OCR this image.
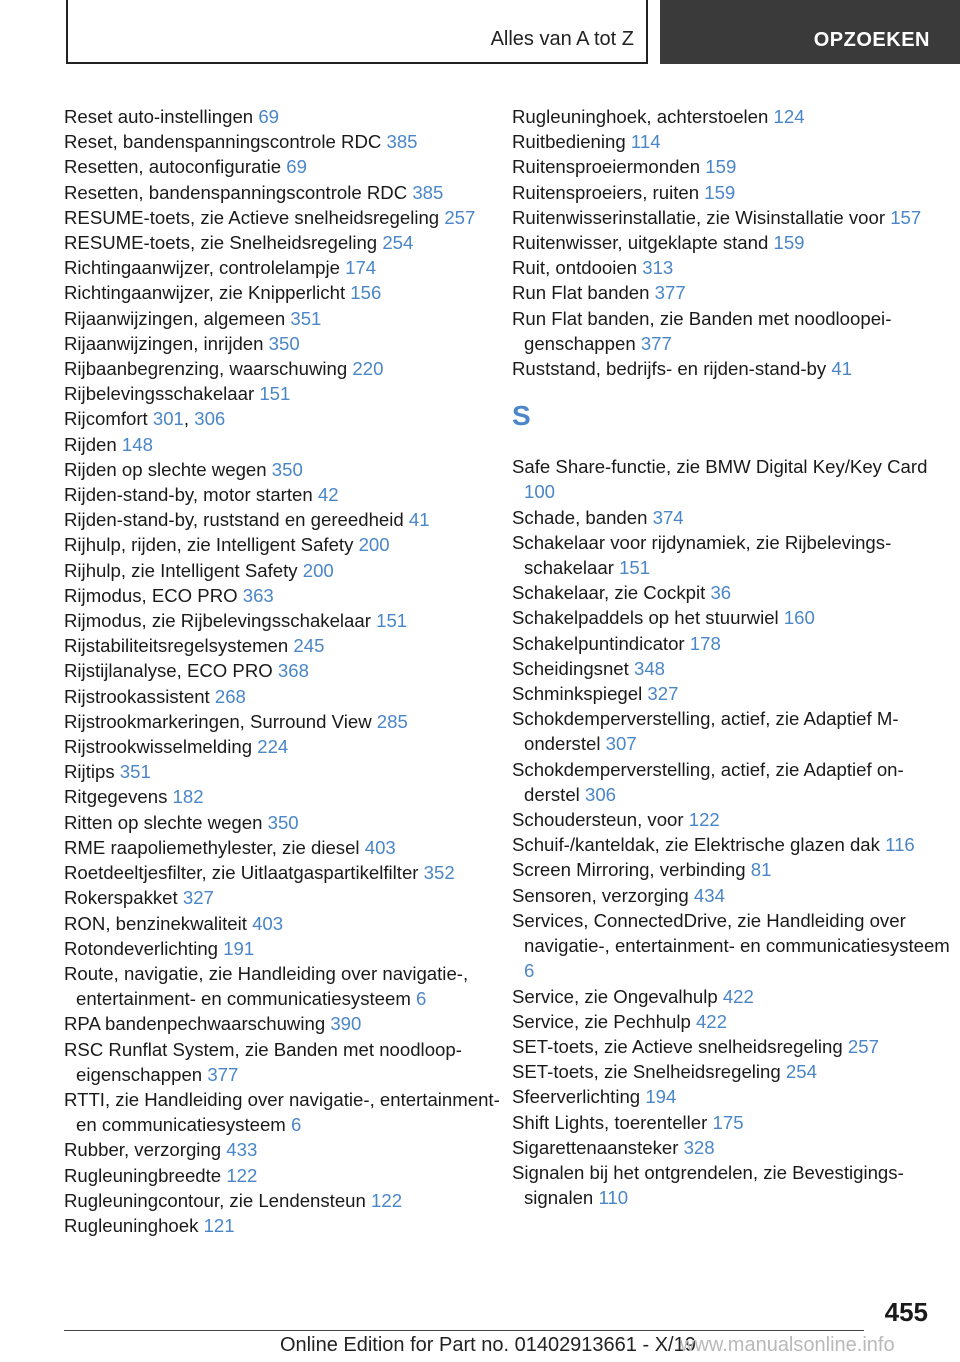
Alles van A tot Z	OPZOEKEN
Reset auto-instellingen 69
Reset, bandenspanningscontrole RDC 385
Resetten, autoconfiguratie 69
Resetten, bandenspanningscontrole RDC 385
RESUME-toets, zie Actieve snelheidsregeling 257
RESUME-toets, zie Snelheidsregeling 254
Richtingaanwijzer, controlelampje 174
Richtingaanwijzer, zie Knipperlicht 156
Rijaanwijzingen, algemeen 351
Rijaanwijzingen, inrijden 350
Rijbaanbegrenzing, waarschuwing 220
Rijbelevingsschakelaar 151
Rijcomfort 301, 306
Rijden 148
Rijden op slechte wegen 350
Rijden-stand-by, motor starten 42
Rijden-stand-by, ruststand en gereedheid 41
Rijhulp, rijden, zie Intelligent Safety 200
Rijhulp, zie Intelligent Safety 200
Rijmodus, ECO PRO 363
Rijmodus, zie Rijbelevingsschakelaar 151
Rijstabiliteitsregelsystemen 245
Rijstijlanalyse, ECO PRO 368
Rijstrookassistent 268
Rijstrookmarkeringen, Surround View 285
Rijstrookwisselmelding 224
Rijtips 351
Ritgegevens 182
Ritten op slechte wegen 350
RME raapoliemethylester, zie diesel 403
Roetdeeltjesfilter, zie Uitlaatgaspartikelfilter 352
Rokerspakket 327
RON, benzinekwaliteit 403
Rotondeverlichting 191
Route, navigatie, zie Handleiding over navigatie-, entertainment- en communicatiesysteem 6
RPA bandenpechwaarschuwing 390
RSC Runflat System, zie Banden met noodloopeigenschappen 377
RTTI, zie Handleiding over navigatie-, entertainment- en communicatiesysteem 6
Rubber, verzorging 433
Rugleuningbreedte 122
Rugleuningcontour, zie Lendensteun 122
Rugleuninghoek 121
Rugleuninghoek, achterstoelen 124
Ruitbediening 114
Ruitensproeiermonden 159
Ruitensproeiers, ruiten 159
Ruitenwisserinstallatie, zie Wisinstallatie voor 157
Ruitenwisser, uitgeklapte stand 159
Ruit, ontdooien 313
Run Flat banden 377
Run Flat banden, zie Banden met noodloopeigenschappen 377
Ruststand, bedrijfs- en rijden-stand-by 41
S
Safe Share-functie, zie BMW Digital Key/Key Card 100
Schade, banden 374
Schakelaar voor rijdynamiek, zie Rijbelevingsschakelaar 151
Schakelaar, zie Cockpit 36
Schakelpaddels op het stuurwiel 160
Schakelpuntindicator 178
Scheidingsnet 348
Schminkspiegel 327
Schokdemperverstelling, actief, zie Adaptief M-onderstel 307
Schokdemperverstelling, actief, zie Adaptief onderstel 306
Schoudersteun, voor 122
Schuif-/kanteldak, zie Elektrische glazen dak 116
Screen Mirroring, verbinding 81
Sensoren, verzorging 434
Services, ConnectedDrive, zie Handleiding over navigatie-, entertainment- en communicatiesysteem 6
Service, zie Ongevalhulp 422
Service, zie Pechhulp 422
SET-toets, zie Actieve snelheidsregeling 257
SET-toets, zie Snelheidsregeling 254
Sfeerverlichting 194
Shift Lights, toerenteller 175
Sigarettenaansteker 328
Signalen bij het ontgrendelen, zie Bevestigingssignalen 110
455
Online Edition for Part no. 01402913661 - X/19
www.manualsonline.info
